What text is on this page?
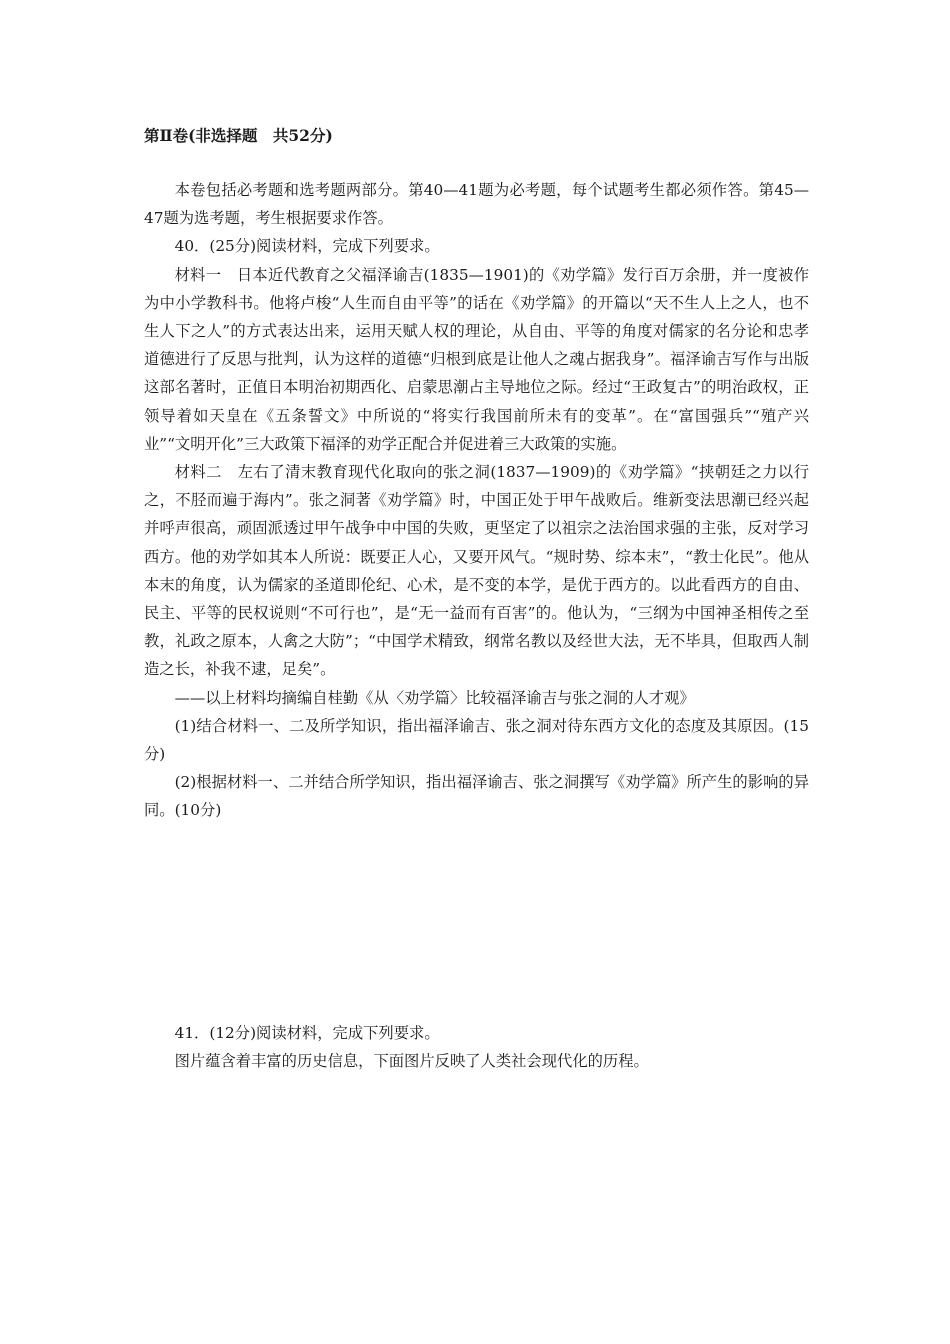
第Ⅱ卷(非选择题　共52分)

本卷包括必考题和选考题两部分。第40—41题为必考题，每个试题考生都必须作答。第45—47题为选考题，考生根据要求作答。

40．(25分)阅读材料，完成下列要求。

材料一　日本近代教育之父福泽谕吉(1835—1901)的《劝学篇》发行百万余册，并一度被作为中小学教科书。他将卢梭“人生而自由平等”的话在《劝学篇》的开篇以“天不生人上之人，也不生人下之人”的方式表达出来，运用天赋人权的理论，从自由、平等的角度对儒家的名分论和忠孝道德进行了反思与批判，认为这样的道德“归根到底是让他人之魂占据我身”。福泽谕吉写作与出版这部名著时，正值日本明治初期西化、启蒙思潮占主导地位之际。经过“王政复古”的明治政权，正领导着如天皇在《五条誓文》中所说的“将实行我国前所未有的变革”。在“富国强兵”“殖产兴业”“文明开化”三大政策下福泽的劝学正配合并促进着三大政策的实施。

材料二　左右了清末教育现代化取向的张之洞(1837—1909)的《劝学篇》“挟朝廷之力以行之，不胫而遍于海内”。张之洞著《劝学篇》时，中国正处于甲午战败后。维新变法思潮已经兴起并呼声很高，顽固派透过甲午战争中中国的失败，更坚定了以祖宗之法治国求强的主张，反对学习西方。他的劝学如其本人所说：既要正人心，又要开风气。“规时势、综本末”，“教士化民”。他从本末的角度，认为儒家的圣道即伦纪、心术，是不变的本学，是优于西方的。以此看西方的自由、民主、平等的民权说则“不可行也”，是“无一益而有百害”的。他认为，“三纲为中国神圣相传之至教，礼政之原本，人禽之大防”；“中国学术精致，纲常名教以及经世大法，无不毕具，但取西人制造之长，补我不逮，足矣”。

——以上材料均摘编自桂勤《从〈劝学篇〉比较福泽谕吉与张之洞的人才观》

(1)结合材料一、二及所学知识，指出福泽谕吉、张之洞对待东西方文化的态度及其原因。(15分)

(2)根据材料一、二并结合所学知识，指出福泽谕吉、张之洞撰写《劝学篇》所产生的影响的异同。(10分)

41．(12分)阅读材料，完成下列要求。

图片蕴含着丰富的历史信息，下面图片反映了人类社会现代化的历程。
